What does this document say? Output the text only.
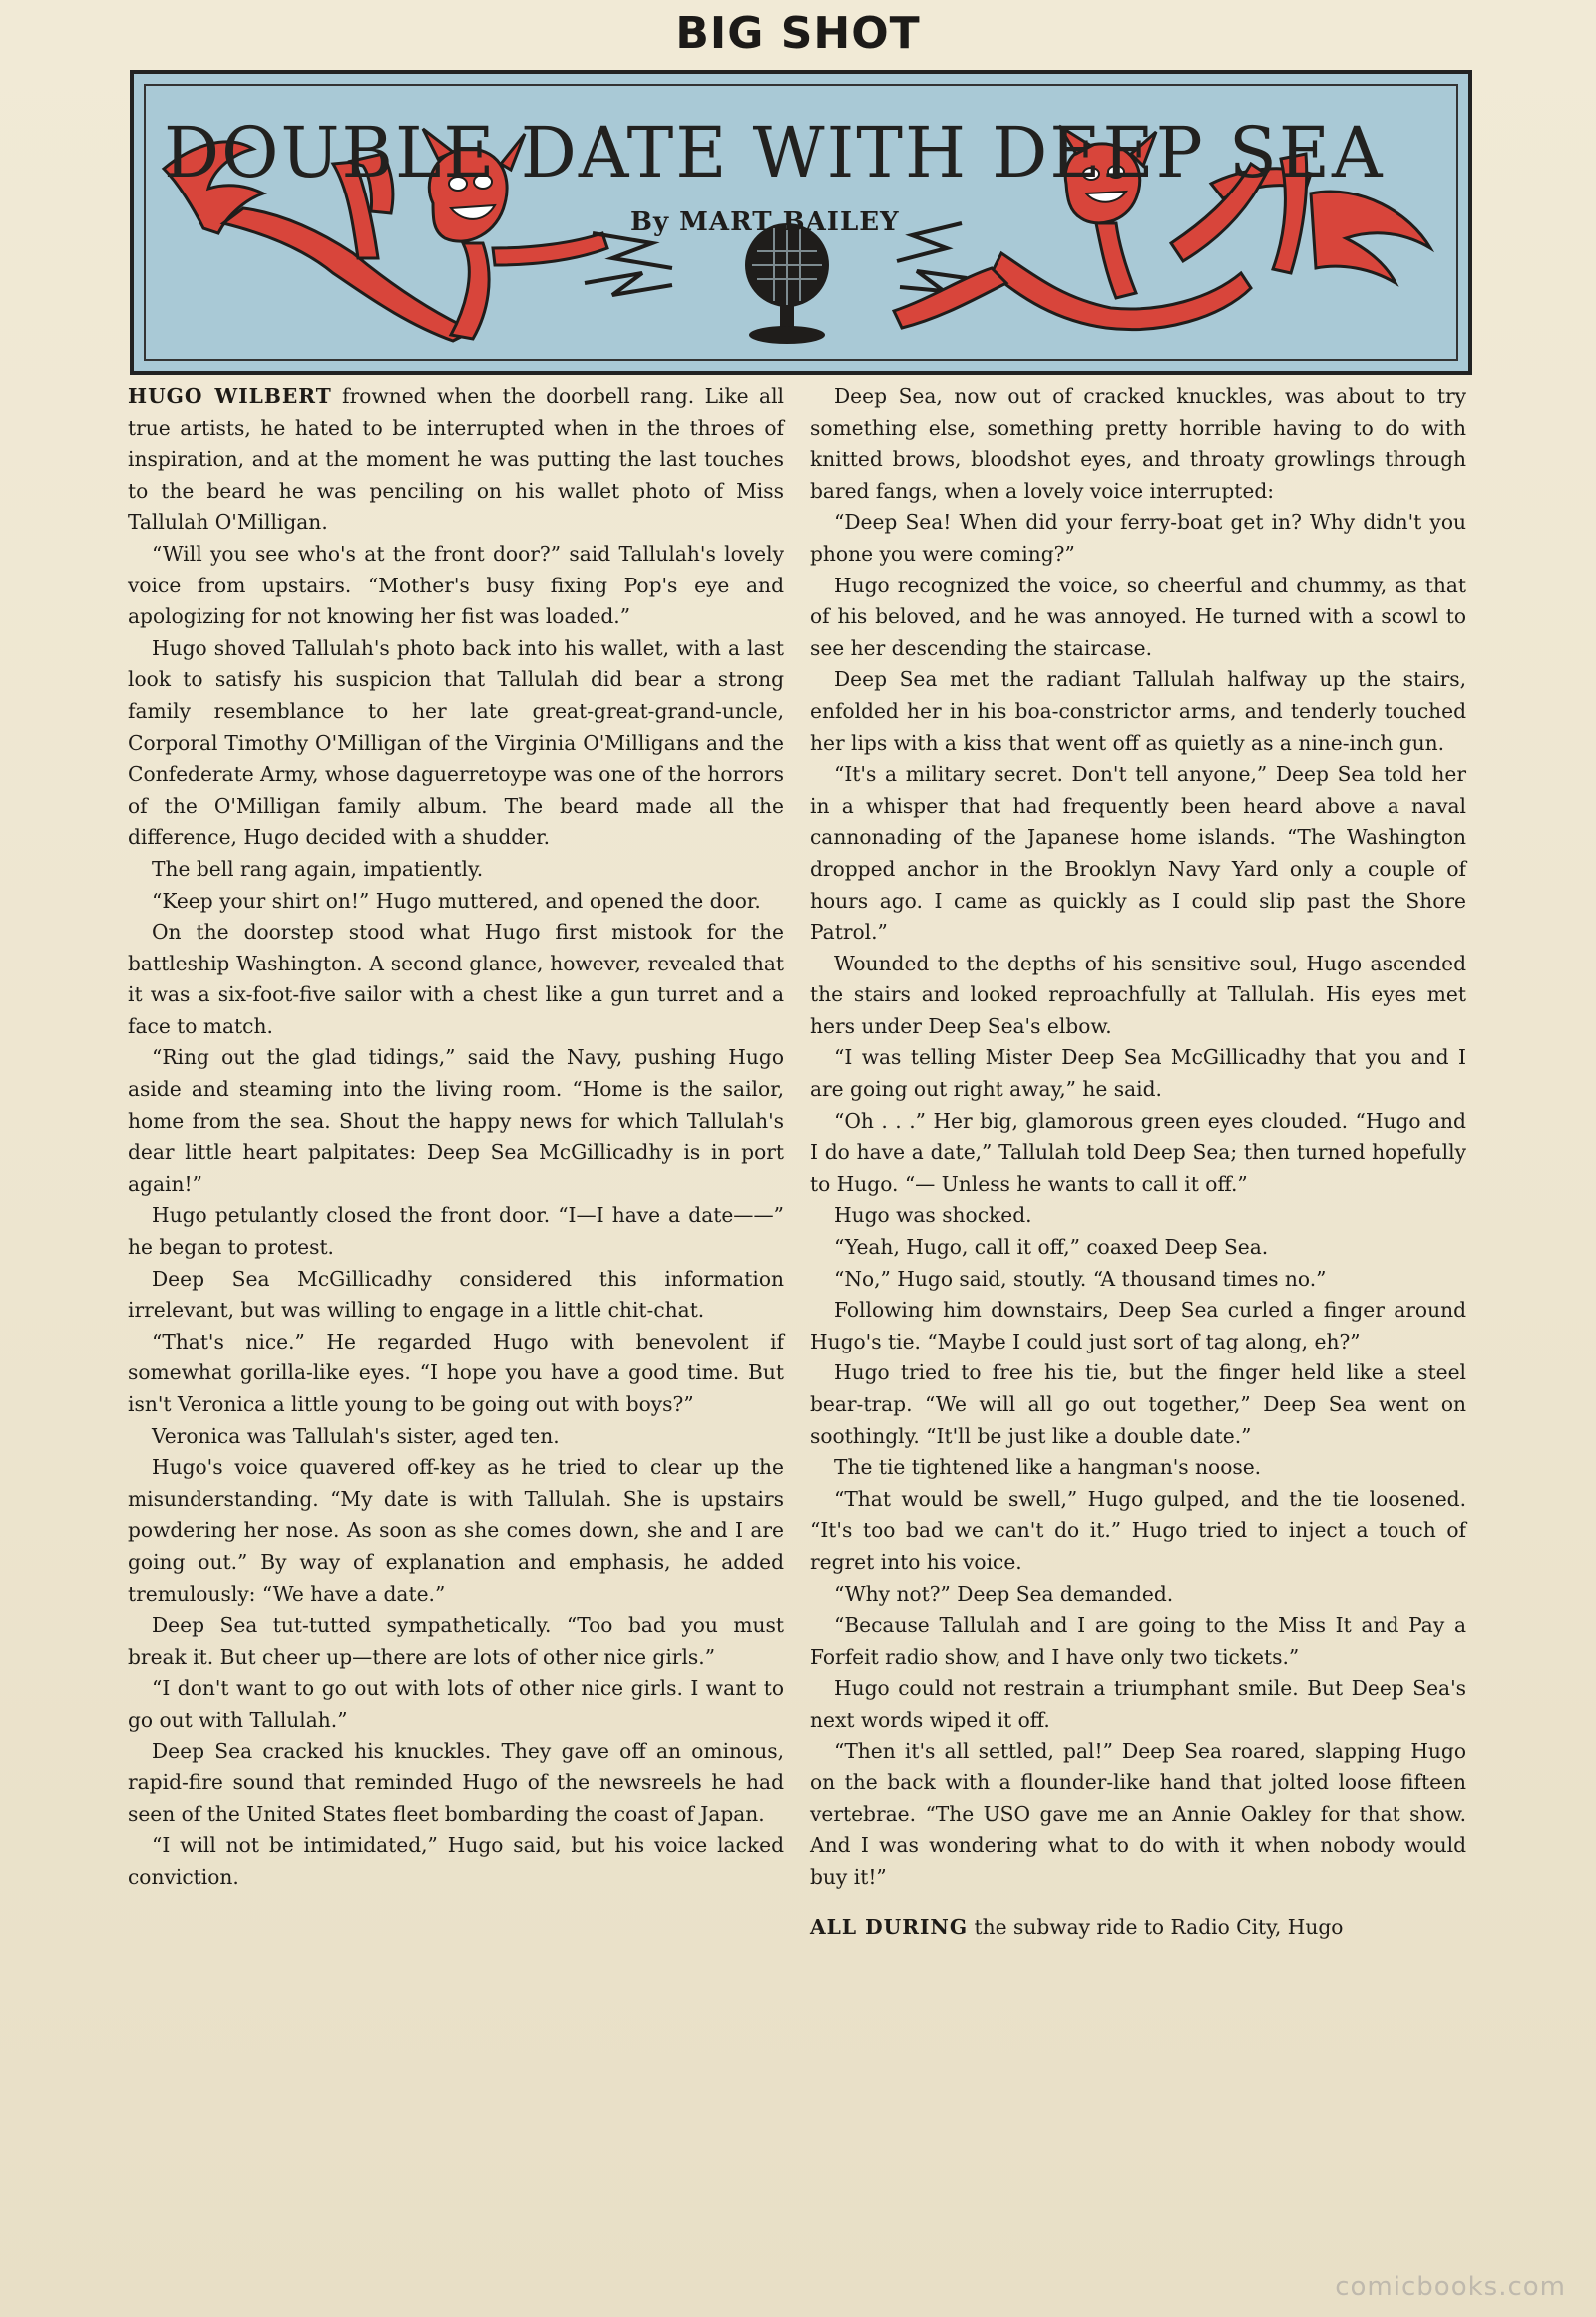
BIG SHOT
DOUBLE DATE WITH DEEP SEA
By MART BAILEY

HUGO WILBERT frowned when the doorbell rang. Like all true artists, he hated to be interrupted when in the throes of inspiration, and at the moment he was putting the last touches to the beard he was penciling on his wallet photo of Miss Tallulah O'Milligan.

“Will you see who's at the front door?” said Tallulah's lovely voice from upstairs. “Mother's busy fixing Pop's eye and apologizing for not knowing her fist was loaded.”

Hugo shoved Tallulah's photo back into his wallet, with a last look to satisfy his suspicion that Tallulah did bear a strong family resemblance to her late great-great-grand-uncle, Corporal Timothy O'Milligan of the Virginia O'Milligans and the Confederate Army, whose daguerretoype was one of the horrors of the O'Milligan family album. The beard made all the difference, Hugo decided with a shudder.

The bell rang again, impatiently.

“Keep your shirt on!” Hugo muttered, and opened the door.

On the doorstep stood what Hugo first mistook for the battleship Washington. A second glance, however, revealed that it was a six-foot-five sailor with a chest like a gun turret and a face to match.

“Ring out the glad tidings,” said the Navy, pushing Hugo aside and steaming into the living room. “Home is the sailor, home from the sea. Shout the happy news for which Tallulah's dear little heart palpitates: Deep Sea McGillicadhy is in port again!”

Hugo petulantly closed the front door. “I—I have a date——” he began to protest.

Deep Sea McGillicadhy considered this information irrelevant, but was willing to engage in a little chit-chat.

“That's nice.” He regarded Hugo with benevolent if somewhat gorilla-like eyes. “I hope you have a good time. But isn't Veronica a little young to be going out with boys?”

Veronica was Tallulah's sister, aged ten.

Hugo's voice quavered off-key as he tried to clear up the misunderstanding. “My date is with Tallulah. She is upstairs powdering her nose. As soon as she comes down, she and I are going out.” By way of explanation and emphasis, he added tremulously: “We have a date.”

Deep Sea tut-tutted sympathetically. “Too bad you must break it. But cheer up—there are lots of other nice girls.”

“I don't want to go out with lots of other nice girls. I want to go out with Tallulah.”

Deep Sea cracked his knuckles. They gave off an ominous, rapid-fire sound that reminded Hugo of the newsreels he had seen of the United States fleet bombarding the coast of Japan.

“I will not be intimidated,” Hugo said, but his voice lacked conviction.

Deep Sea, now out of cracked knuckles, was about to try something else, something pretty horrible having to do with knitted brows, bloodshot eyes, and throaty growlings through bared fangs, when a lovely voice interrupted:

“Deep Sea! When did your ferry-boat get in? Why didn't you phone you were coming?”

Hugo recognized the voice, so cheerful and chummy, as that of his beloved, and he was annoyed. He turned with a scowl to see her descending the staircase.

Deep Sea met the radiant Tallulah halfway up the stairs, enfolded her in his boa-constrictor arms, and tenderly touched her lips with a kiss that went off as quietly as a nine-inch gun.

“It's a military secret. Don't tell anyone,” Deep Sea told her in a whisper that had frequently been heard above a naval cannonading of the Japanese home islands. “The Washington dropped anchor in the Brooklyn Navy Yard only a couple of hours ago. I came as quickly as I could slip past the Shore Patrol.”

Wounded to the depths of his sensitive soul, Hugo ascended the stairs and looked reproachfully at Tallulah. His eyes met hers under Deep Sea's elbow.

“I was telling Mister Deep Sea McGillicadhy that you and I are going out right away,” he said.

“Oh . . .” Her big, glamorous green eyes clouded. “Hugo and I do have a date,” Tallulah told Deep Sea; then turned hopefully to Hugo. “— Unless he wants to call it off.”

Hugo was shocked.

“Yeah, Hugo, call it off,” coaxed Deep Sea.

“No,” Hugo said, stoutly. “A thousand times no.”

Following him downstairs, Deep Sea curled a finger around Hugo's tie. “Maybe I could just sort of tag along, eh?”

Hugo tried to free his tie, but the finger held like a steel bear-trap. “We will all go out together,” Deep Sea went on soothingly. “It'll be just like a double date.”

The tie tightened like a hangman's noose.

“That would be swell,” Hugo gulped, and the tie loosened. “It's too bad we can't do it.” Hugo tried to inject a touch of regret into his voice.

“Why not?” Deep Sea demanded.

“Because Tallulah and I are going to the Miss It and Pay a Forfeit radio show, and I have only two tickets.”

Hugo could not restrain a triumphant smile. But Deep Sea's next words wiped it off.

“Then it's all settled, pal!” Deep Sea roared, slapping Hugo on the back with a flounder-like hand that jolted loose fifteen vertebrae. “The USO gave me an Annie Oakley for that show. And I was wondering what to do with it when nobody would buy it!”

ALL DURING the subway ride to Radio City, Hugo

comicbooks.com
